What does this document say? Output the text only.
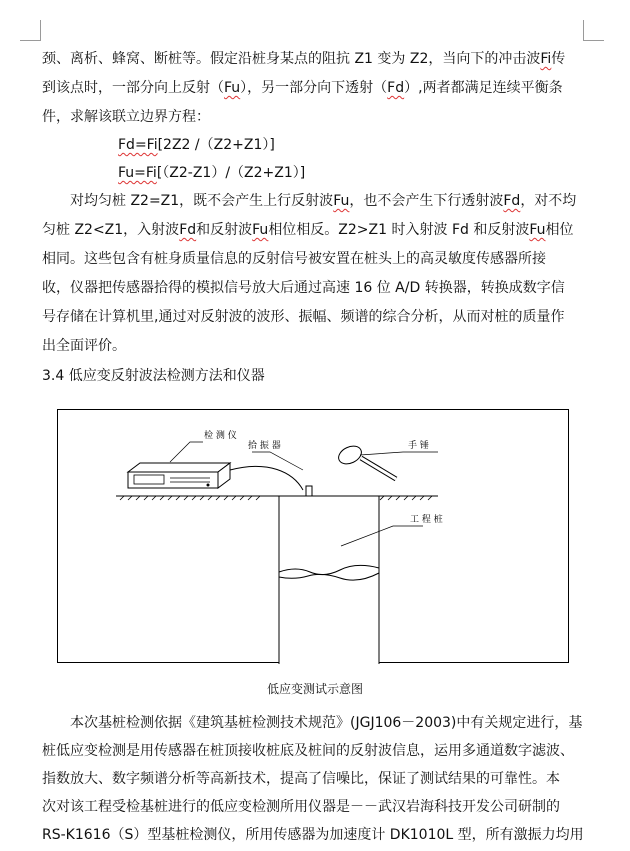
颈、离析、蜂窝、断桩等。假定沿桩身某点的阻抗 Z1 变为 Z2，当向下的冲击波Fi传
到该点时，一部分向上反射（Fu），另一部分向下透射（Fd）,两者都满足连续平衡条
件，求解该联立边界方程：
Fd=Fi[2Z2 /（Z2+Z1）]
Fu=Fi[（Z2-Z1）/（Z2+Z1）]
对均匀桩 Z2=Z1，既不会产生上行反射波Fu，也不会产生下行透射波Fd，对不均
匀桩 Z2<Z1，入射波Fd和反射波Fu相位相反。Z2>Z1 时入射波 Fd 和反射波Fu相位
相同。这些包含有桩身质量信息的反射信号被安置在桩头上的高灵敏度传感器所接
收，仪器把传感器拾得的模拟信号放大后通过高速 16 位 A/D 转换器，转换成数字信
号存储在计算机里,通过对反射波的波形、振幅、频谱的综合分析，从而对桩的质量作
出全面评价。
3.4 低应变反射波法检测方法和仪器
检 测 仪
拾 振 器	手 锤
工 程 桩
低应变测试示意图
本次基桩检测依据《建筑基桩检测技术规范》(JGJ106－2003)中有关规定进行，基
桩低应变检测是用传感器在桩顶接收桩底及桩间的反射波信息，运用多通道数字滤波、
指数放大、数字频谱分析等高新技术，提高了信噪比，保证了测试结果的可靠性。本
次对该工程受检基桩进行的低应变检测所用仪器是－－武汉岩海科技开发公司研制的
RS-K1616（S）型基桩检测仪，所用传感器为加速度计 DK1010L 型，所有激振力均用
